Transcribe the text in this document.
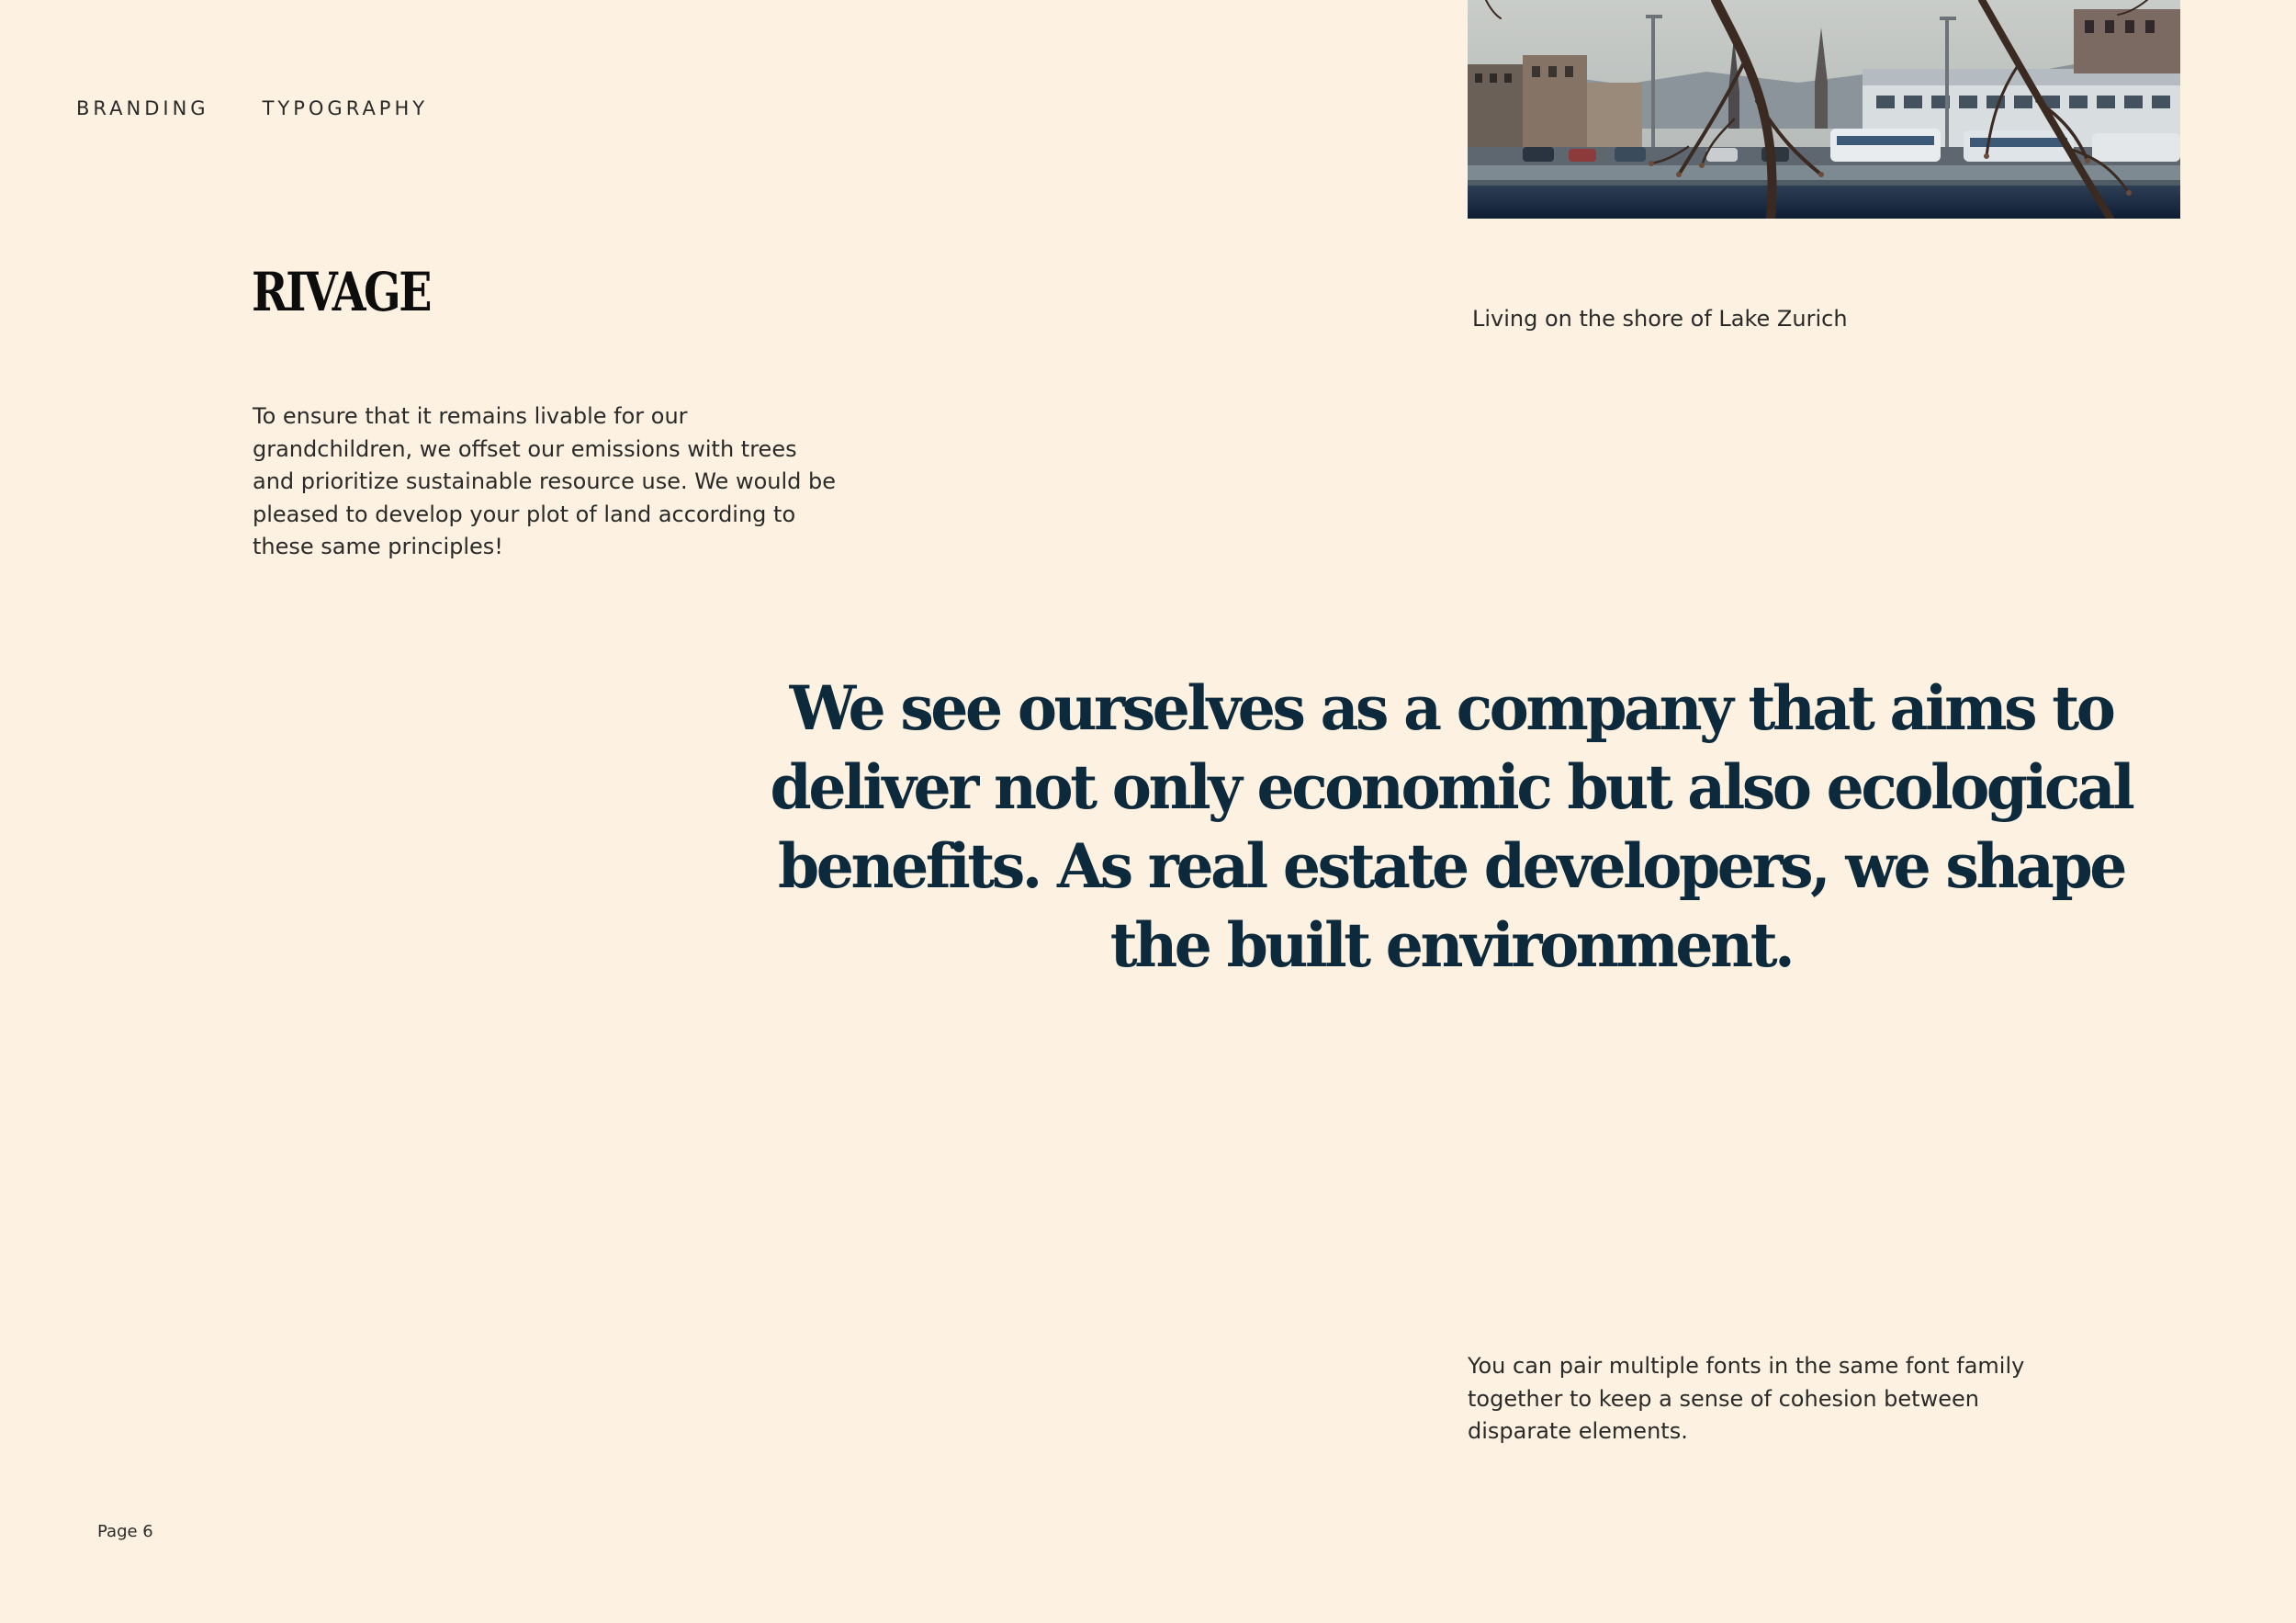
BRANDING	TYPOGRAPHY
RIVAGE

To ensure that it remains livable for our grandchildren, we offset our emissions with trees and prioritize sustainable resource use. We would be pleased to develop your plot of land according to these same principles!

Living on the shore of Lake Zurich

We see ourselves as a company that aims to deliver not only economic but also ecological benefits. As real estate developers, we shape the built environment.

You can pair multiple fonts in the same font family together to keep a sense of cohesion between disparate elements.

Page 6
